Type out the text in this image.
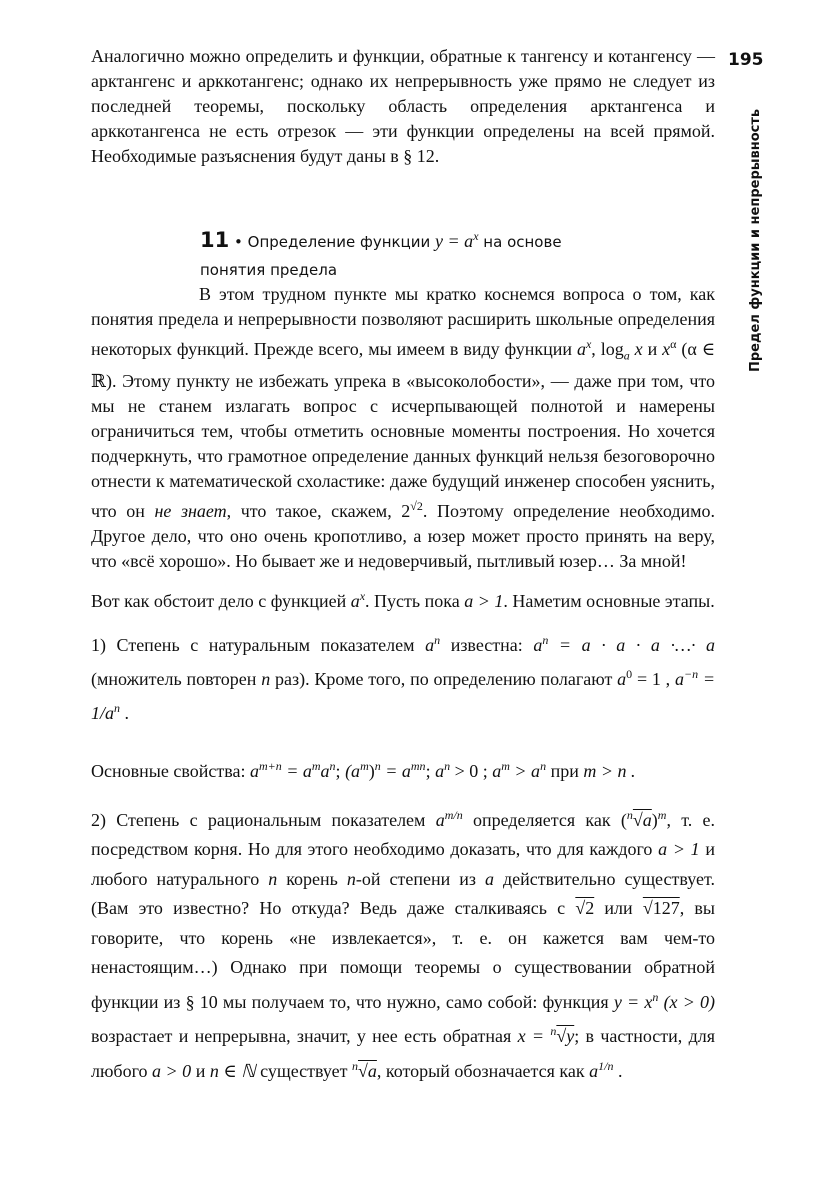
195
Предел функции и непрерывность

Аналогично можно определить и функции, обратные к тангенсу и котангенсу — арктангенс и арккотангенс; однако их непрерывность уже прямо не следует из последней теоремы, поскольку область определения арктангенса и арккотангенса не есть отрезок — эти функции определены на всей прямой. Необходимые разъяснения будут даны в § 12.

11 • Определение функции $y = a^x$ на основе
понятия предела

В этом трудном пункте мы кратко коснемся вопроса о том, как понятия предела и непрерывности позволяют расширить школьные определения некоторых функций. Прежде всего, мы имеем в виду функции $a^x$, $\log_a x$ и $x^\alpha$ (α ∈ ℝ). Этому пункту не избежать упрека в «высоколобости», — даже при том, что мы не станем излагать вопрос с исчерпывающей полнотой и намерены ограничиться тем, чтобы отметить основные моменты построения. Но хочется подчеркнуть, что грамотное определение данных функций нельзя безоговорочно отнести к математической схоластике: даже будущий инженер способен уяснить, что он не знает, что такое, скажем, $2^{√2}$. Поэтому определение необходимо. Другое дело, что оно очень кропотливо, а юзер может просто принять на веру, что «всё хорошо». Но бывает же и недоверчивый, пытливый юзер… За мной!

Вот как обстоит дело с функцией $a^x$. Пусть пока a > 1. Наметим основные этапы.

1) Степень с натуральным показателем $a^n$ известна: $a^n = a \cdot a \cdot a$ ·…· a (множитель повторен n раз). Кроме того, по определению полагают $a^0 = 1$ , $a^{-n} = 1/a^n$ .

Основные свойства: $a^{m+n} = a^ma^n$; $(a^m)^n = a^{mn}$; $a^n > 0$ ; $a^m > a^n$ при m > n .

2) Степень с рациональным показателем $a^{m/n}$ определяется как $(^n√a)^m$, т. е. посредством корня. Но для этого необходимо доказать, что для каждого a > 1 и любого натурального n корень n-ой степени из a действительно существует. (Вам это известно? Но откуда? Ведь даже сталкиваясь с √2 или √127, вы говорите, что корень «не извлекается», т. е. он кажется вам чем-то ненастоящим…) Однако при помощи теоремы о существовании обратной функции из § 10 мы получаем то, что нужно, само собой: функция $y = x^n$ (x > 0) возрастает и непрерывна, значит, у нее есть обратная x = $^n$√y; в частности, для любого a > 0 и n ∈ ℕ существует $^n$√a, который обозначается как $a^{1/n}$ .
